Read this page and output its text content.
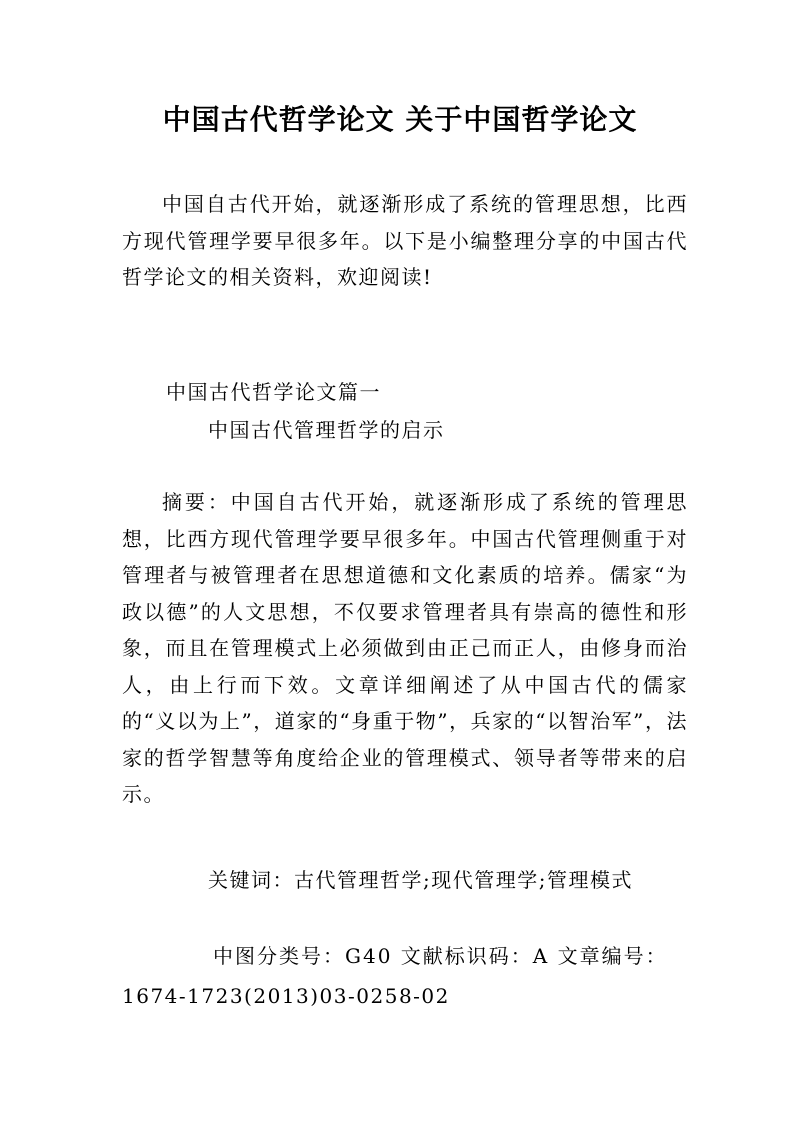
中国古代哲学论文 关于中国哲学论文

中国自古代开始，就逐渐形成了系统的管理思想，比西方现代管理学要早很多年。以下是小编整理分享的中国古代哲学论文的相关资料，欢迎阅读!

中国古代哲学论文篇一

中国古代管理哲学的启示

摘要：中国自古代开始，就逐渐形成了系统的管理思想，比西方现代管理学要早很多年。中国古代管理侧重于对管理者与被管理者在思想道德和文化素质的培养。儒家“为政以德”的人文思想，不仅要求管理者具有崇高的德性和形象，而且在管理模式上必须做到由正己而正人，由修身而治人，由上行而下效。文章详细阐述了从中国古代的儒家的“义以为上”，道家的“身重于物”，兵家的“以智治军”，法家的哲学智慧等角度给企业的管理模式、领导者等带来的启示。

关键词：古代管理哲学;现代管理学;管理模式

中图分类号：G40 文献标识码：A 文章编号：

1674-1723(2013)03-0258-02
